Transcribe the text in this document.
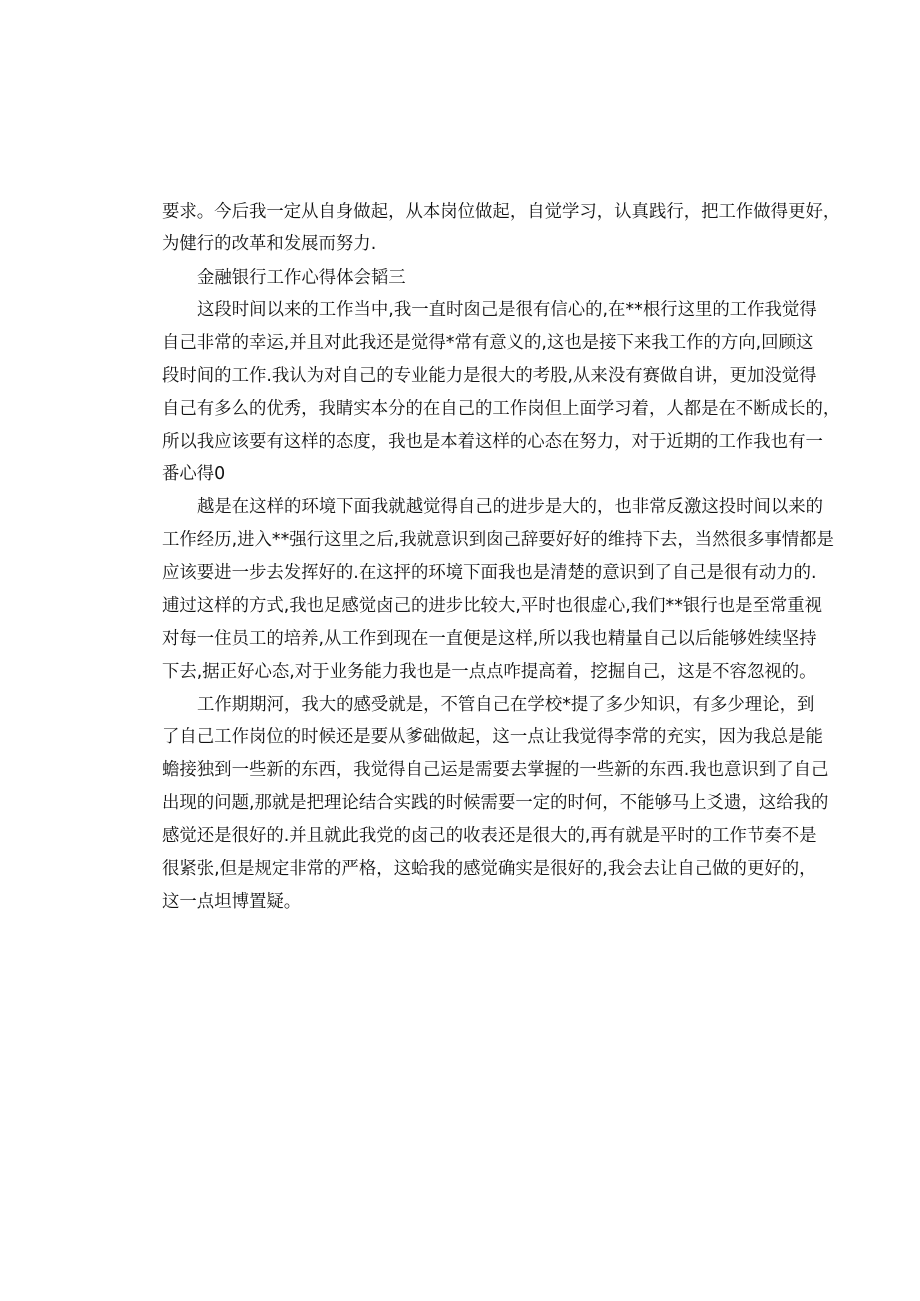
要求。今后我一定从自身做起，从本岗位做起，自觉学习，认真践行，把工作做得更好，

为健行的改革和发展而努力.

金融银行工作心得体会韬三

这段时间以来的工作当中,我一直时囱己是很有信心的,在**根行这里的工作我觉得

自己非常的幸运,并且对此我还是觉得*常有意义的,这也是接下来我工作的方向,回顾这

段时间的工作.我认为对自己的专业能力是很大的考股,从来没有赛做自讲，更加没觉得

自己有多么的优秀，我睛实本分的在自己的工作岗但上面学习着，人都是在不断成长的，

所以我应该要有这样的态度，我也是本着这样的心态在努力，对于近期的工作我也有一

番心得0

越是在这样的环境下面我就越觉得自己的进步是大的，也非常反激这投时间以来的

工作经历,进入**强行这里之后,我就意识到囱己辞要好好的维持下去，当然很多事情都是

应该要进一步去发挥好的.在这抨的环境下面我也是清楚的意识到了自己是很有动力的.

逋过这样的方式,我也足感觉卤己的进步比较大,平时也很虚心,我们**银行也是至常重视

对每一住员工的培养,从工作到现在一直便是这样,所以我也精量自己以后能够姓续坚持

下去,据正好心态,对于业务能力我也是一点点咋提高着，挖掘自己，这是不容忽视的。

工作期期河，我大的感受就是，不管自己在学校*提了多少知识，有多少理论，到

了自己工作岗位的时候还是要从爹础做起，这一点让我觉得李常的充实，因为我总是能

蟾接独到一些新的东西，我觉得自己运是需要去掌握的一些新的东西.我也意识到了自己

出现的问题,那就是把理论结合实践的时候需要一定的时何，不能够马上爻遗，这给我的

感觉还是很好的.并且就此我党的卤己的收表还是很大的,再有就是平时的工作节奏不是

很紧张,但是规定非常的严格，这蛤我的感觉确实是很好的,我会去让自己做的更好的，

这一点坦博置疑。
